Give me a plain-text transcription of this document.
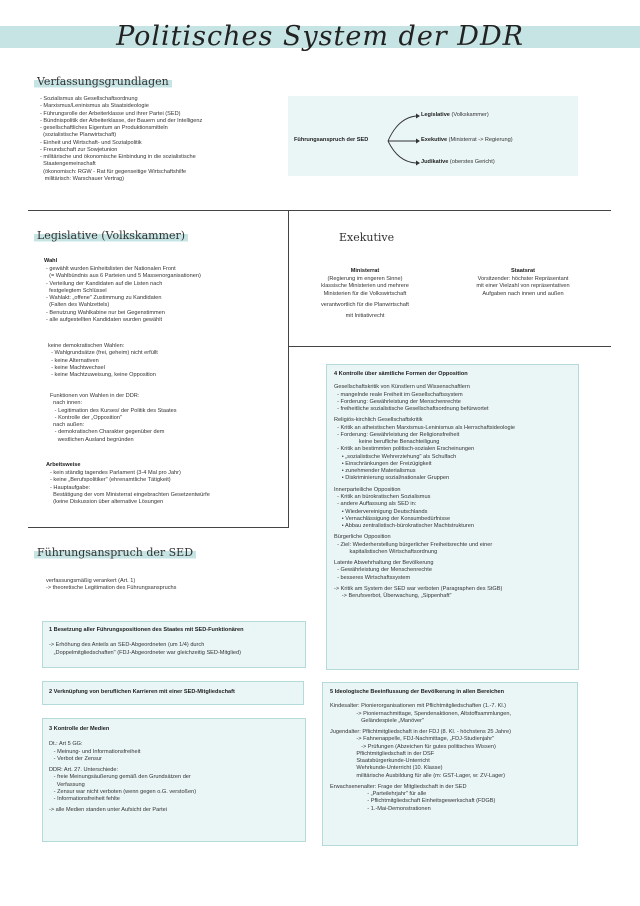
Politisches System der DDR
Verfassungsgrundlagen
- Sozialismus als Gesellschaftsordnung
- Marxismus/Leninismus als Staatsideologie
- Führungsrolle der Arbeiterklasse und ihrer Partei (SED)
- Bündnispolitik der Arbeiterklasse, der Bauern und der Intelligenz
- gesellschaftliches Eigentum an Produktionsmitteln
(sozialistische Planwirtschaft)
- Einheit und Wirtschaft- und Sozialpolitik
- Freundschaft zur Sowjetunion
- militärische und ökonomische Einbindung in die sozialistische
Staatengemeinschaft
(ökonomisch: RGW - Rat für gegenseitige Wirtschaftshilfe
militärisch: Warschauer Vertrag)
Führungsanspruch der SED
Legislative (Volkskammer)
Exekutive (Ministerrat -> Regierung)
Judikative (oberstes Gericht)
Legislative (Volkskammer)
Wahl
- gewählt wurden Einheitslisten der Nationalen Front
(= Wahlbündnis aus 6 Parteien und 5 Massenorganisationen)
- Verteilung der Kandidaten auf die Listen nach
festgelegtem Schlüssel
- Wahlakt: „offene" Zustimmung zu Kandidaten
(Falten des Wahlzettels)
- Benutzung Wahlkabine nur bei Gegenstimmen
- alle aufgestellten Kandidaten wurden gewählt
keine demokratischen Wahlen:
- Wahlgrundsätze (frei, geheim) nicht erfüllt
- keine Alternativen
- keine Machtwechsel
- keine Machtzuweisung, keine Opposition
Funktionen von Wahlen in der DDR:
nach innen:
- Legitimation des Kurses/ der Politik des Staates
- Kontrolle der „Opposition"
nach außen:
- demokratischen Charakter gegenüber dem
westlichen Ausland begründen
Arbeitsweise
- kein ständig tagendes Parlament (3-4 Mal pro Jahr)
- keine „Berufspolitiker" (ehrenamtliche Tätigkeit)
- Hauptaufgabe:
Bestätigung der vom Ministerrat eingebrachten Gesetzentwürfe
(keine Diskussion über alternative Lösungen
Exekutive
Ministerrat
(Regierung im engeren Sinne)
klassische Ministerien und mehrere
Ministerien für die Volkswirtschaft

verantwortlich für die Planwirtschaft

mit Initiativrecht
Staatsrat
Vorsitzender: höchster Repräsentant
mit einer Vielzahl von repräsentativen
Aufgaben nach innen und außen
4 Kontrolle über sämtliche Formen der Opposition
Gesellschaftskritik von Künstlern und Wissenschaftlern
- mangelnde reale Freiheit im Gesellschaftssystem
- Forderung: Gewährleistung der Menschenrechte
- freiheitliche sozialistische Gesellschaftsordnung befürwortet

Religiös-kirchlich Gesellschaftskritik
- Kritik an atheistischen Marxismus-Leninismus als Herrschaftsideologie
- Forderung: Gewährleistung der Religionsfreiheit
keine berufliche Benachteiligung
- Kritik an bestimmten politisch-sozialen Erscheinungen
• „sozialistische Wehrerziehung" als Schulfach
• Einschränkungen der Freizügigkeit
• zunehmender Materialismus
• Diskriminierung sozial/nationaler Gruppen

Innerparteiliche Opposition
- Kritik an bürokratischen Sozialismus
- andere Auffassung als SED in:
• Wiedervereinigung Deutschlands
• Vernachlässigung der Konsumbedürfnisse
• Abbau zentralistisch-bürokratischer Machtstrukturen

Bürgerliche Opposition
- Ziel: Wiederherstellung bürgerlicher Freiheitsrechte und einer
kapitalistischen Wirtschaftsordnung

Latente Abwehrhaltung der Bevölkerung
- Gewährleistung der Menschenrechte
- besseres Wirtschaftssystem

-> Kritik am System der SED war verboten (Paragraphen des StGB)
-> Berufsverbot, Überwachung, „Sippenhaft"
Führungsanspruch der SED
verfassungsmäßig verankert (Art. 1)
-> theoretische Legitimation des Führungsanspruchs
1 Besetzung aller Führungspositionen des Staates mit SED-Funktionären
-> Erhöhung des Anteils an SED-Abgeordneten (um 1/4) durch
„Doppelmitgliedschaften" (FDJ-Abgeordneter war gleichzeitig SED-Mitglied)
2 Verknüpfung von beruflichen Karrieren mit einer SED-Mitgliedschaft
3 Kontrolle der Medien
Dt.: Art 5 GG:
- Meinung- und Informationsfreiheit
- Verbot der Zensur

DDR: Art. 27. Unterschiede:
- freie Meinungsäußerung gemäß den Grundsätzen der
Verfassung
- Zensur war nicht verboten (wenn gegen o.G. verstoßen)
- Informationsfreiheit fehlte

-> alle Medien standen unter Aufsicht der Partei
5 Ideologische Beeinflussung der Bevölkerung in allen Bereichen
Kindesalter: Pionierorganisationen mit Pflichtmitgliedschaften (1.-7. Kl.)
-> Pioniernachmittage, Spendenaktionen, Altstoffsammlungen,
Geländespiele „Manöver"

Jugendalter: Pflichtmitgliedschaft in der FDJ (8. Kl. - höchstens 25 Jahre)
-> Fahnenappelle, FDJ-Nachmittage, „FDJ-Studienjahr"
-> Prüfungen (Abzeichen für gutes politisches Wissen)
Pflichtmitgliedschaft in der DSF
Staatsbürgerkunde-Unterricht
Wehrkunde-Unterricht (10. Klasse)
militärische Ausbildung für alle (m: GST-Lager, w: ZV-Lager)

Erwachsenenalter: Frage der Mitgliedschaft in der SED
- „Parteilehrjahr" für alle
- Pflichtmitgliedschaft Einheitsgewerkschaft (FDGB)
- 1.-Mai-Demonstrationen
